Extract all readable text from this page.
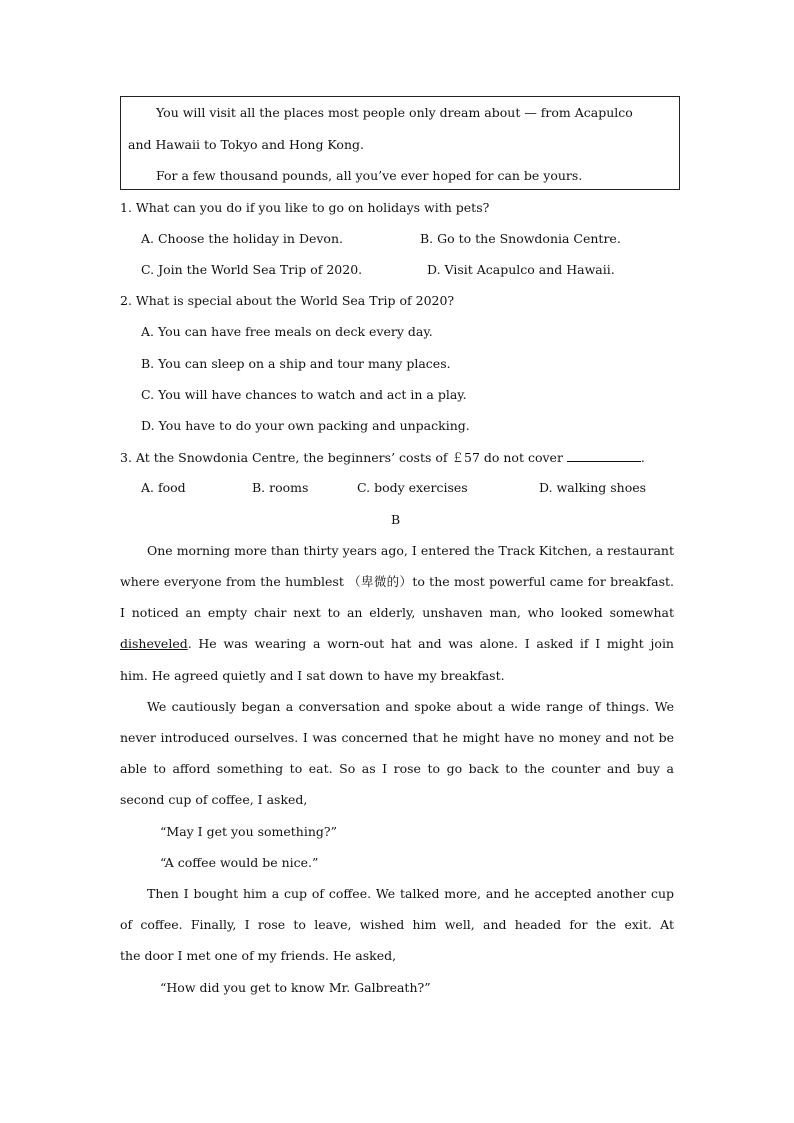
You will visit all the places most people only dream about — from Acapulco
and Hawaii to Tokyo and Hong Kong.
For a few thousand pounds, all you’ve ever hoped for can be yours.
1. What can you do if you like to go on holidays with pets?
A. Choose the holiday in Devon.	B. Go to the Snowdonia Centre.
C. Join the World Sea Trip of 2020.	D. Visit Acapulco and Hawaii.
2. What is special about the World Sea Trip of 2020?
A. You can have free meals on deck every day.
B. You can sleep on a ship and tour many places.
C. You will have chances to watch and act in a play.
D. You have to do your own packing and unpacking.
3. At the Snowdonia Centre, the beginners’ costs of ￡57 do not cover	.
A. food	B. rooms	C. body exercises	D. walking shoes
B
One morning more than thirty years ago, I entered the Track Kitchen, a restaurant
where everyone from the humblest （卑微的）to the most powerful came for breakfast.
I noticed an empty chair next to an elderly, unshaven man, who looked somewhat
disheveled. He was wearing a worn-out hat and was alone. I asked if I might join
him. He agreed quietly and I sat down to have my breakfast.
We cautiously began a conversation and spoke about a wide range of things. We
never introduced ourselves. I was concerned that he might have no money and not be
able to afford something to eat. So as I rose to go back to the counter and buy a
second cup of coffee, I asked,
“May I get you something?”
“A coffee would be nice.”
Then I bought him a cup of coffee. We talked more, and he accepted another cup
of coffee. Finally, I rose to leave, wished him well, and headed for the exit. At
the door I met one of my friends. He asked,
“How did you get to know Mr. Galbreath?”
